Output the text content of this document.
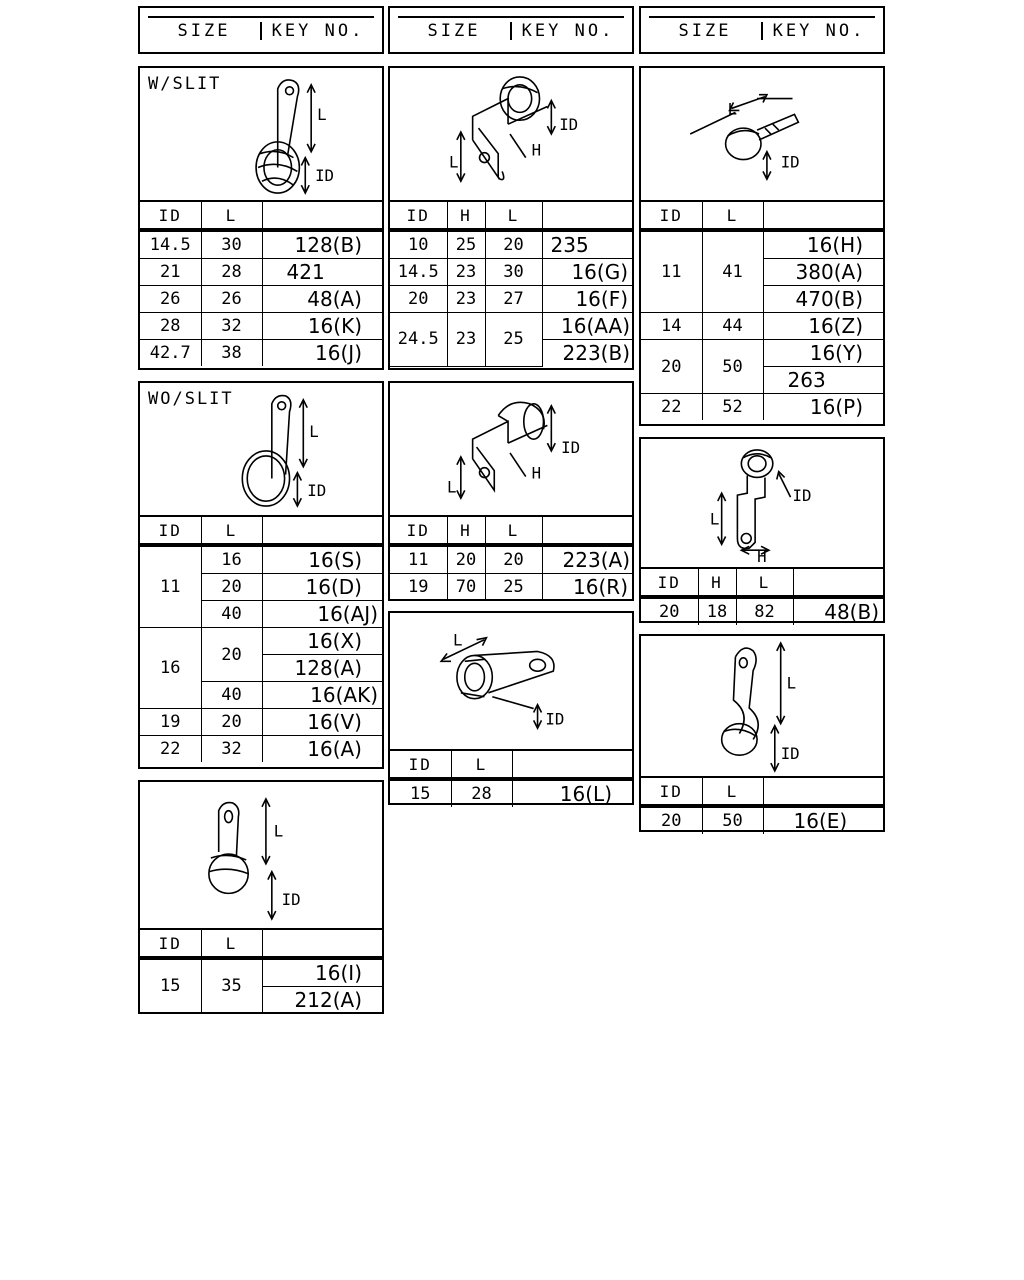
SIZE	KEY NO.	SIZE	KEY NO.	SIZE	KEY NO.
W/SLIT
L
ID
ID	L	
14.5	30	128(B)
21	28	421
26	26	48(A)
28	32	16(K)
42.7	38	16(J)
WO/SLIT
L
ID
ID	L	
11	16	16(S)
	20	16(D)
	40	16(AJ)
16	20	16(X)
		128(A)
	40	16(AK)
19	20	16(V)
22	32	16(A)
L
ID
ID	L	
15	35	16(I)
		212(A)
ID
H
L
ID	H	L	
10	25	20	235
14.5	23	30	16(G)
20	23	27	16(F)
24.5	23	25	16(AA)
			223(B)
ID
H
L
ID	H	L	
11	20	20	223(A)
19	70	25	16(R)
L
ID
ID	L	
15	28	16(L)
L
ID
ID	L	
11	41	16(H)
		380(A)
		470(B)
14	44	16(Z)
20	50	16(Y)
		263
22	52	16(P)
ID
L
H
ID	H	L	
20	18	82	48(B)
L
ID
ID	L	
20	50	16(E)
